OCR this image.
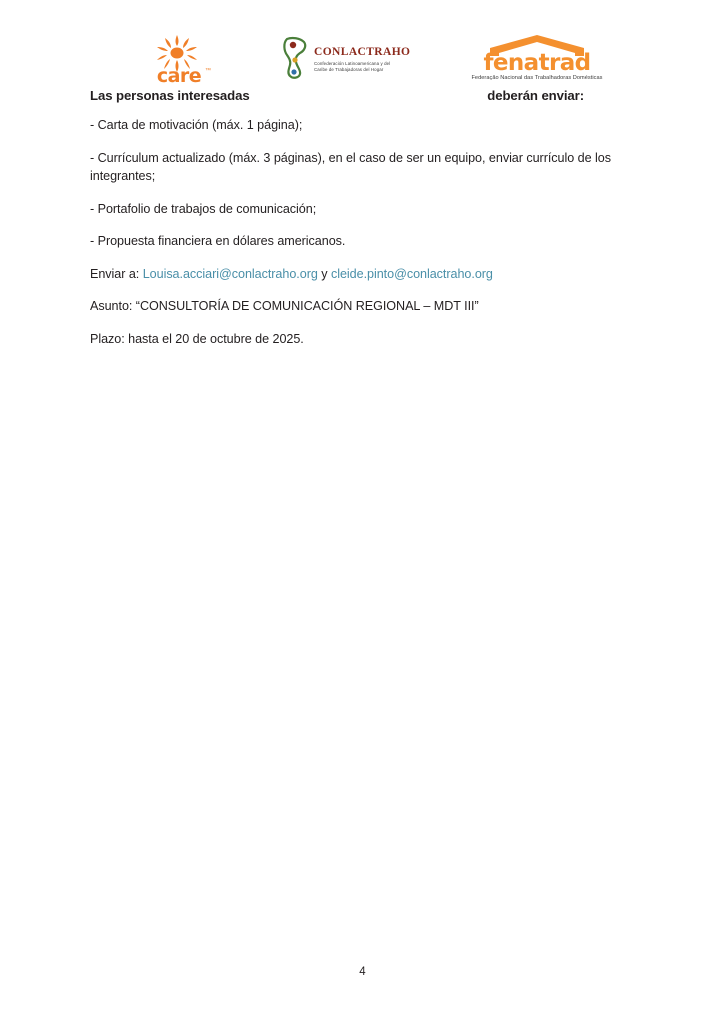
care ™
CONLACTRAHO
Confederación Latinoamericana y del
Caribe de Trabajadoras del Hogar	fenatrad
Federação Nacional das Trabalhadoras Domésticas
Las personas interesadas	deberán enviar:

- Carta de motivación (máx. 1 página);

- Currículum actualizado (máx. 3 páginas), en el caso de ser un equipo, enviar currículo de los integrantes;

- Portafolio de trabajos de comunicación;

- Propuesta financiera en dólares americanos.

Enviar a: Louisa.acciari@conlactraho.org y cleide.pinto@conlactraho.org

Asunto: “CONSULTORÍA DE COMUNICACIÓN REGIONAL – MDT III”

Plazo: hasta el 20 de octubre de 2025.

4
